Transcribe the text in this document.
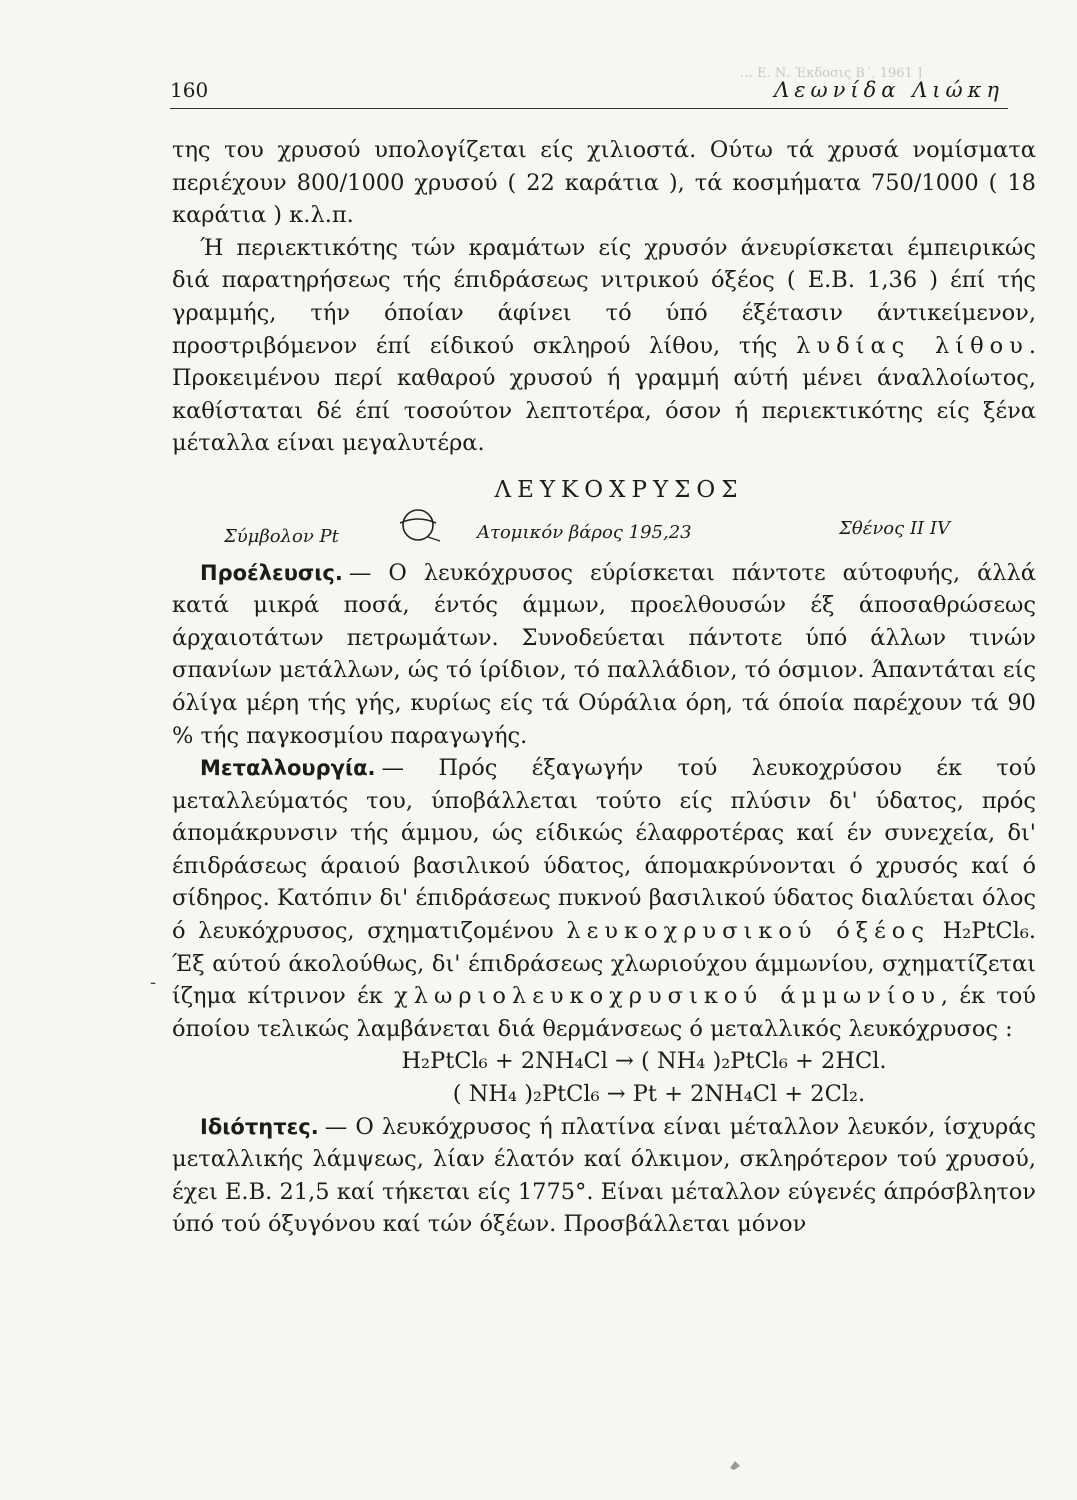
… Ε. Ν. Έκδοσις Β΄, 1961 ]
160	Λεωνίδα Λιώκη

της του χρυσού υπολογίζεται είς χιλιοστά. Ούτω τά χρυσά νομίσματα περιέχουν 800/1000 χρυσού ( 22 καράτια ), τά κοσμήματα 750/1000 ( 18 καράτια ) κ.λ.π.

Ή περιεκτικότης τών κραμάτων είς χρυσόν άνευρίσκεται έμπειρικώς διά παρατηρήσεως τής έπιδράσεως νιτρικού όξέος ( Ε.Β. 1,36 ) έπί τής γραμμής, τήν όποίαν άφίνει τό ύπό έξέτασιν άντικείμενον, προστριβόμενον έπί είδικού σκληρού λίθου, τής λυδίας λίθου. Προκειμένου περί καθαρού χρυσού ή γραμμή αύτή μένει άναλλοίωτος, καθίσταται δέ έπί τοσούτον λεπτοτέρα, όσον ή περιεκτικότης είς ξένα μέταλλα είναι μεγαλυτέρα.

ΛΕΥΚΟΧΡΥΣΟΣ
Σύμβολον Pt	Ατομικόν βάρος 195,23	Σθένος II IV

Προέλευσις. — Ο λευκόχρυσος εύρίσκεται πάντοτε αύτοφυής, άλλά κατά μικρά ποσά, έντός άμμων, προελθουσών έξ άποσαθρώσεως άρχαιοτάτων πετρωμάτων. Συνοδεύεται πάντοτε ύπό άλλων τινών σπανίων μετάλλων, ώς τό ίρίδιον, τό παλλάδιον, τό όσμιον. Άπαντάται είς όλίγα μέρη τής γής, κυρίως είς τά Ούράλια όρη, τά όποία παρέχουν τά 90 % τής παγκοσμίου παραγωγής.

Μεταλλουργία. — Πρός έξαγωγήν τού λευκοχρύσου έκ τού μεταλλεύματός του, ύποβάλλεται τούτο είς πλύσιν δι' ύδατος, πρός άπομάκρυνσιν τής άμμου, ώς είδικώς έλαφροτέρας καί έν συνεχεία, δι' έπιδράσεως άραιού βασιλικού ύδατος, άπομακρύνονται ό χρυσός καί ό σίδηρος. Κατόπιν δι' έπιδράσεως πυκνού βασιλικού ύδατος διαλύεται όλος ό λευκόχρυσος, σχηματιζομένου λευκοχρυσικού όξέος H₂PtCl₆. Έξ αύτού άκολούθως, δι' έπιδράσεως χλωριούχου άμμωνίου, σχηματίζεται ίζημα κίτρινον έκ χλωριολευκοχρυσικού άμμωνίου, έκ τού όποίου τελικώς λαμβάνεται διά θερμάνσεως ό μεταλλικός λευκόχρυσος :

H₂PtCl₆ + 2NH₄Cl → ( NH₄ )₂PtCl₆ + 2HCl.

( NH₄ )₂PtCl₆ → Pt + 2NH₄Cl + 2Cl₂.

Ιδιότητες. — Ο λευκόχρυσος ή πλατίνα είναι μέταλλον λευκόν, ίσχυράς μεταλλικής λάμψεως, λίαν έλατόν καί όλκιμον, σκληρότερον τού χρυσού, έχει Ε.Β. 21,5 καί τήκεται είς 1775°. Είναι μέταλλον εύγενές άπρόσβλητον ύπό τού όξυγόνου καί τών όξέων. Προσβάλλεται μόνον

-
